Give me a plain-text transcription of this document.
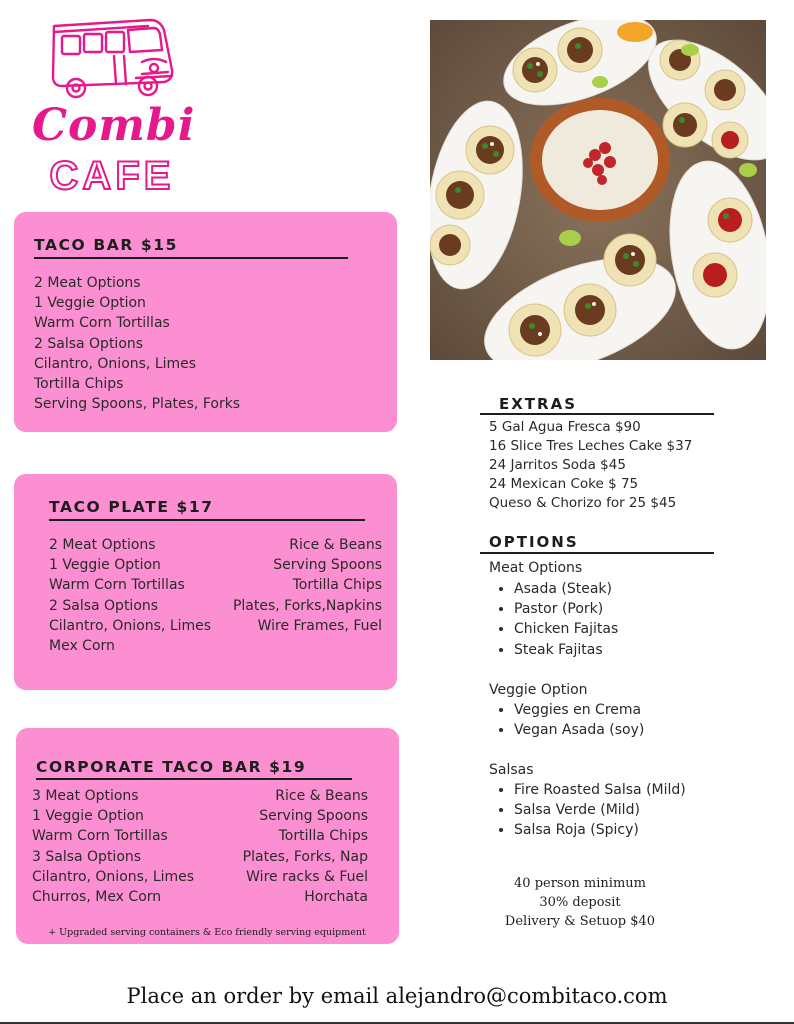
Combi
CAFE
TACO BAR $15
2 Meat Options
1 Veggie Option
Warm Corn Tortillas
2 Salsa Options
Cilantro, Onions, Limes
Tortilla Chips
Serving Spoons, Plates, Forks
TACO PLATE $17
2 Meat Options
1 Veggie Option
Warm Corn Tortillas
2 Salsa Options
Cilantro, Onions, Limes
Mex Corn
Rice & Beans
Serving Spoons
Tortilla Chips
Plates, Forks,Napkins
Wire Frames, Fuel
CORPORATE TACO BAR $19
3 Meat Options
1 Veggie Option
Warm Corn Tortillas
3 Salsa Options
Cilantro, Onions, Limes
Churros, Mex Corn
Rice & Beans
Serving Spoons
Tortilla Chips
Plates, Forks, Nap
Wire racks & Fuel
Horchata
+ Upgraded serving containers & Eco friendly serving equipment
EXTRAS
5 Gal Agua Fresca $90
16 Slice Tres Leches Cake $37
24 Jarritos Soda $45
24 Mexican Coke $ 75
Queso & Chorizo for 25 $45
OPTIONS
Meat Options
• Asada (Steak)
• Pastor (Pork)
• Chicken Fajitas
• Steak Fajitas
Veggie Option
• Veggies en Crema
• Vegan Asada (soy)
Salsas
• Fire Roasted Salsa (Mild)
• Salsa Verde (Mild)
• Salsa Roja (Spicy)
40 person minimum
30% deposit
Delivery & Setuop $40
Place an order by email alejandro@combitaco.com
